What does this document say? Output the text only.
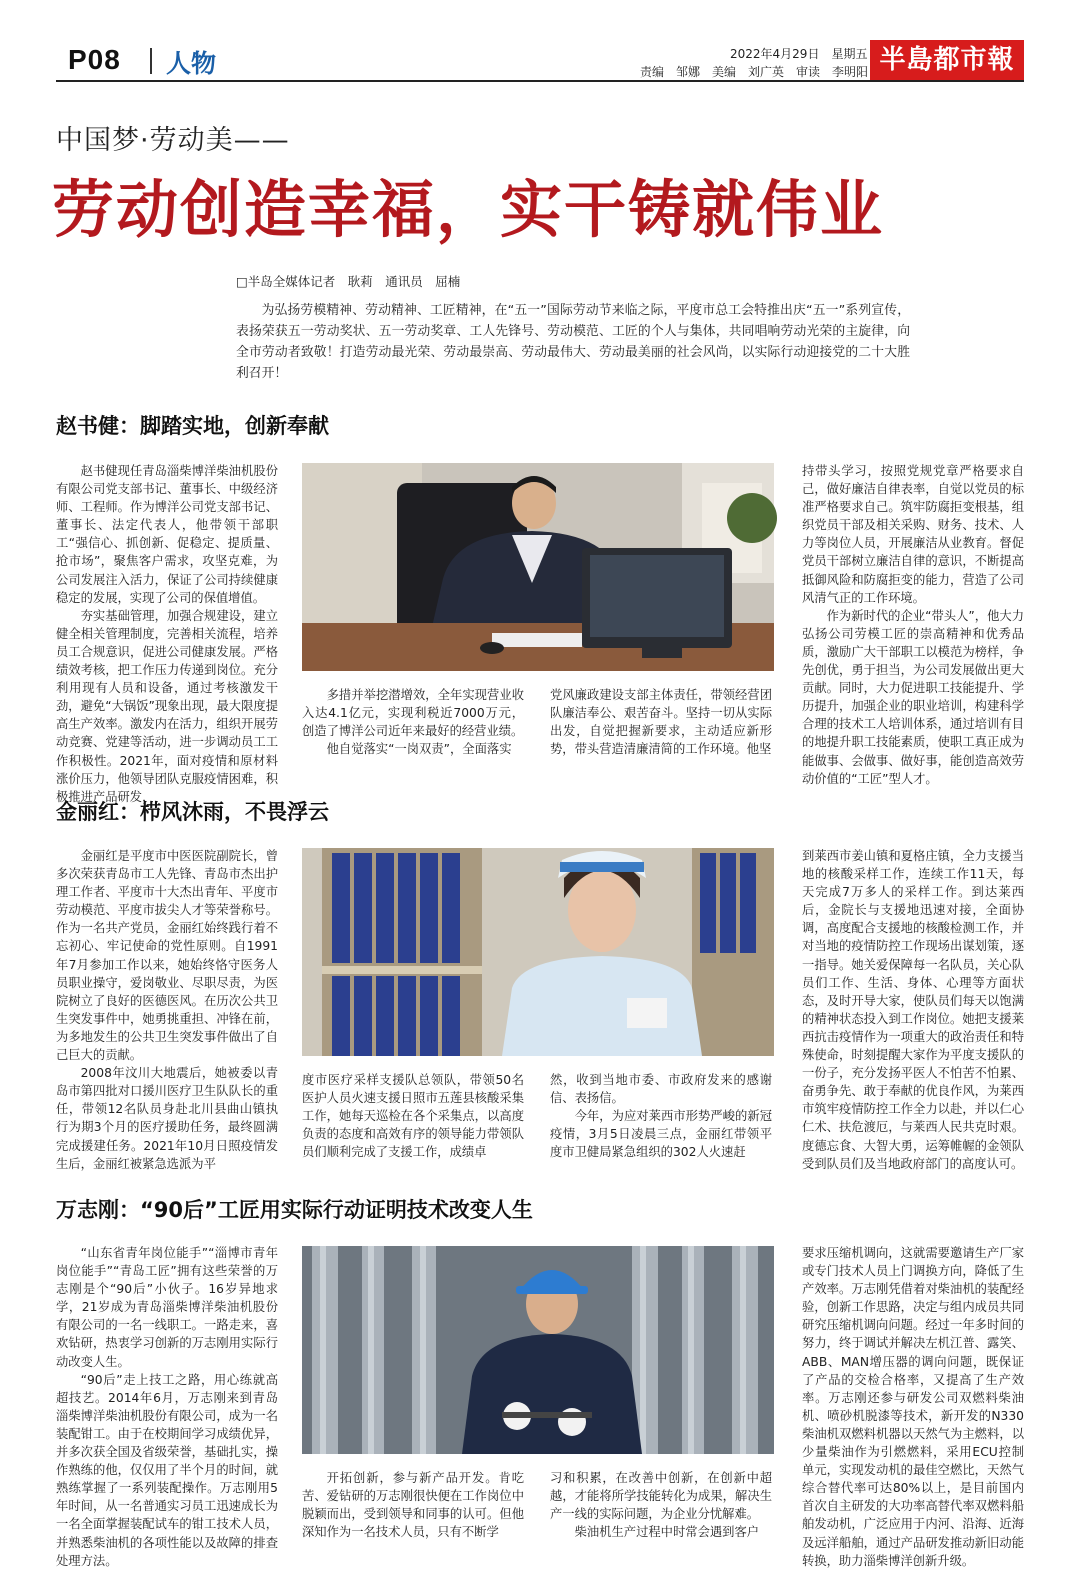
P08 人物	2022年4月29日　星期五
责编　邹娜　美编　刘广英　审读　李明阳 半島都市報
中国梦·劳动美——
劳动创造幸福，实干铸就伟业
□半岛全媒体记者　耿莉　通讯员　屈楠
为弘扬劳模精神、劳动精神、工匠精神，在“五一”国际劳动节来临之际，平度市总工会特推出庆“五一”系列宣传，表扬荣获五一劳动奖状、五一劳动奖章、工人先锋号、劳动模范、工匠的个人与集体，共同唱响劳动光荣的主旋律，向全市劳动者致敬！打造劳动最光荣、劳动最崇高、劳动最伟大、劳动最美丽的社会风尚，以实际行动迎接党的二十大胜利召开！
赵书健：脚踏实地，创新奉献

赵书健现任青岛淄柴博洋柴油机股份有限公司党支部书记、董事长、中级经济师、工程师。作为博洋公司党支部书记、董事长、法定代表人，他带领干部职工“强信心、抓创新、促稳定、提质量、抢市场”，聚焦客户需求，攻坚克难，为公司发展注入活力，保证了公司持续健康稳定的发展，实现了公司的保值增值。

夯实基础管理，加强合规建设，建立健全相关管理制度，完善相关流程，培养员工合规意识，促进公司健康发展。严格绩效考核，把工作压力传递到岗位。充分利用现有人员和设备，通过考核激发干劲，避免“大锅饭”现象出现，最大限度提高生产效率。激发内在活力，组织开展劳动竞赛、党建等活动，进一步调动员工工作积极性。2021年，面对疫情和原材料涨价压力，他领导团队克服疫情困难，积极推进产品研发，

多措并举挖潜增效，全年实现营业收入达4.1亿元，实现利税近7000万元，创造了博洋公司近年来最好的经营业绩。

他自觉落实“一岗双责”，全面落实

党风廉政建设支部主体责任，带领经营团队廉洁奉公、艰苦奋斗。坚持一切从实际出发，自觉把握新要求，主动适应新形势，带头营造清廉清简的工作环境。他坚

持带头学习，按照党规党章严格要求自己，做好廉洁自律表率，自觉以党员的标准严格要求自己。筑牢防腐拒变根基，组织党员干部及相关采购、财务、技术、人力等岗位人员，开展廉洁从业教育。督促党员干部树立廉洁自律的意识，不断提高抵御风险和防腐拒变的能力，营造了公司风清气正的工作环境。

作为新时代的企业“带头人”，他大力弘扬公司劳模工匠的崇高精神和优秀品质，激励广大干部职工以模范为榜样，争先创优，勇于担当，为公司发展做出更大贡献。同时，大力促进职工技能提升、学历提升，加强企业的职业培训，构建科学合理的技术工人培训体系，通过培训有目的地提升职工技能素质，使职工真正成为能做事、会做事、做好事，能创造高效劳动价值的“工匠”型人才。

金丽红：栉风沐雨，不畏浮云

金丽红是平度市中医医院副院长，曾多次荣获青岛市工人先锋、青岛市杰出护理工作者、平度市十大杰出青年、平度市劳动模范、平度市拔尖人才等荣誉称号。作为一名共产党员，金丽红始终践行着不忘初心、牢记使命的党性原则。自1991年7月参加工作以来，她始终恪守医务人员职业操守，爱岗敬业、尽职尽责，为医院树立了良好的医德医风。在历次公共卫生突发事件中，她勇挑重担、冲锋在前，为多地发生的公共卫生突发事件做出了自己巨大的贡献。

2008年汶川大地震后，她被委以青岛市第四批对口援川医疗卫生队队长的重任，带领12名队员身赴北川县曲山镇执行为期3个月的医疗援助任务，最终圆满完成援建任务。2021年10月日照疫情发生后，金丽红被紧急选派为平

度市医疗采样支援队总领队，带领50名医护人员火速支援日照市五莲县核酸采集工作，她每天巡检在各个采集点，以高度负责的态度和高效有序的领导能力带领队员们顺利完成了支援工作，成绩卓

然，收到当地市委、市政府发来的感谢信、表扬信。

今年，为应对莱西市形势严峻的新冠疫情，3月5日凌晨三点，金丽红带领平度市卫健局紧急组织的302人火速赶

到莱西市姜山镇和夏格庄镇，全力支援当地的核酸采样工作，连续工作11天，每天完成7万多人的采样工作。到达莱西后，金院长与支援地迅速对接，全面协调，高度配合支援地的核酸检测工作，并对当地的疫情防控工作现场出谋划策，逐一指导。她关爱保障每一名队员，关心队员们工作、生活、身体、心理等方面状态，及时开导大家，使队员们每天以饱满的精神状态投入到工作岗位。她把支援莱西抗击疫情作为一项重大的政治责任和特殊使命，时刻提醒大家作为平度支援队的一份子，充分发扬平医人不怕苦不怕累、奋勇争先、敢于奉献的优良作风，为莱西市筑牢疫情防控工作全力以赴，并以仁心仁术、扶危渡厄，与莱西人民共克时艰。度德忘食、大智大勇，运筹帷幄的金领队受到队员们及当地政府部门的高度认可。

万志刚：“90后”工匠用实际行动证明技术改变人生

“山东省青年岗位能手”“淄博市青年岗位能手”“青岛工匠”拥有这些荣誉的万志刚是个“90后”小伙子。16岁异地求学，21岁成为青岛淄柴博洋柴油机股份有限公司的一名一线职工。一路走来，喜欢钻研，热衷学习创新的万志刚用实际行动改变人生。

“90后”走上技工之路，用心练就高超技艺。2014年6月，万志刚来到青岛淄柴博洋柴油机股份有限公司，成为一名装配钳工。由于在校期间学习成绩优异，并多次获全国及省级荣誉，基础扎实，操作熟练的他，仅仅用了半个月的时间，就熟练掌握了一系列装配操作。万志刚用5年时间，从一名普通实习员工迅速成长为一名全面掌握装配试车的钳工技术人员，并熟悉柴油机的各项性能以及故障的排查处理方法。

开拓创新，参与新产品开发。肯吃苦、爱钻研的万志刚很快便在工作岗位中脱颖而出，受到领导和同事的认可。但他深知作为一名技术人员，只有不断学

习和积累，在改善中创新，在创新中超越，才能将所学技能转化为成果，解决生产一线的实际问题，为企业分忧解难。

柴油机生产过程中时常会遇到客户

要求压缩机调向，这就需要邀请生产厂家或专门技术人员上门调换方向，降低了生产效率。万志刚凭借着对柴油机的装配经验，创新工作思路，决定与组内成员共同研究压缩机调向问题。经过一年多时间的努力，终于调试并解决左机江普、露笑、ABB、MAN增压器的调向问题，既保证了产品的交检合格率，又提高了生产效率。万志刚还参与研发公司双燃料柴油机、喷砂机脱漆等技术，新开发的N330柴油机双燃料机器以天然气为主燃料，以少量柴油作为引燃燃料，采用ECU控制单元，实现发动机的最佳空燃比，天然气综合替代率可达80%以上，是目前国内首次自主研发的大功率高替代率双燃料船舶发动机，广泛应用于内河、沿海、近海及远洋船舶，通过产品研发推动新旧动能转换，助力淄柴博洋创新升级。
